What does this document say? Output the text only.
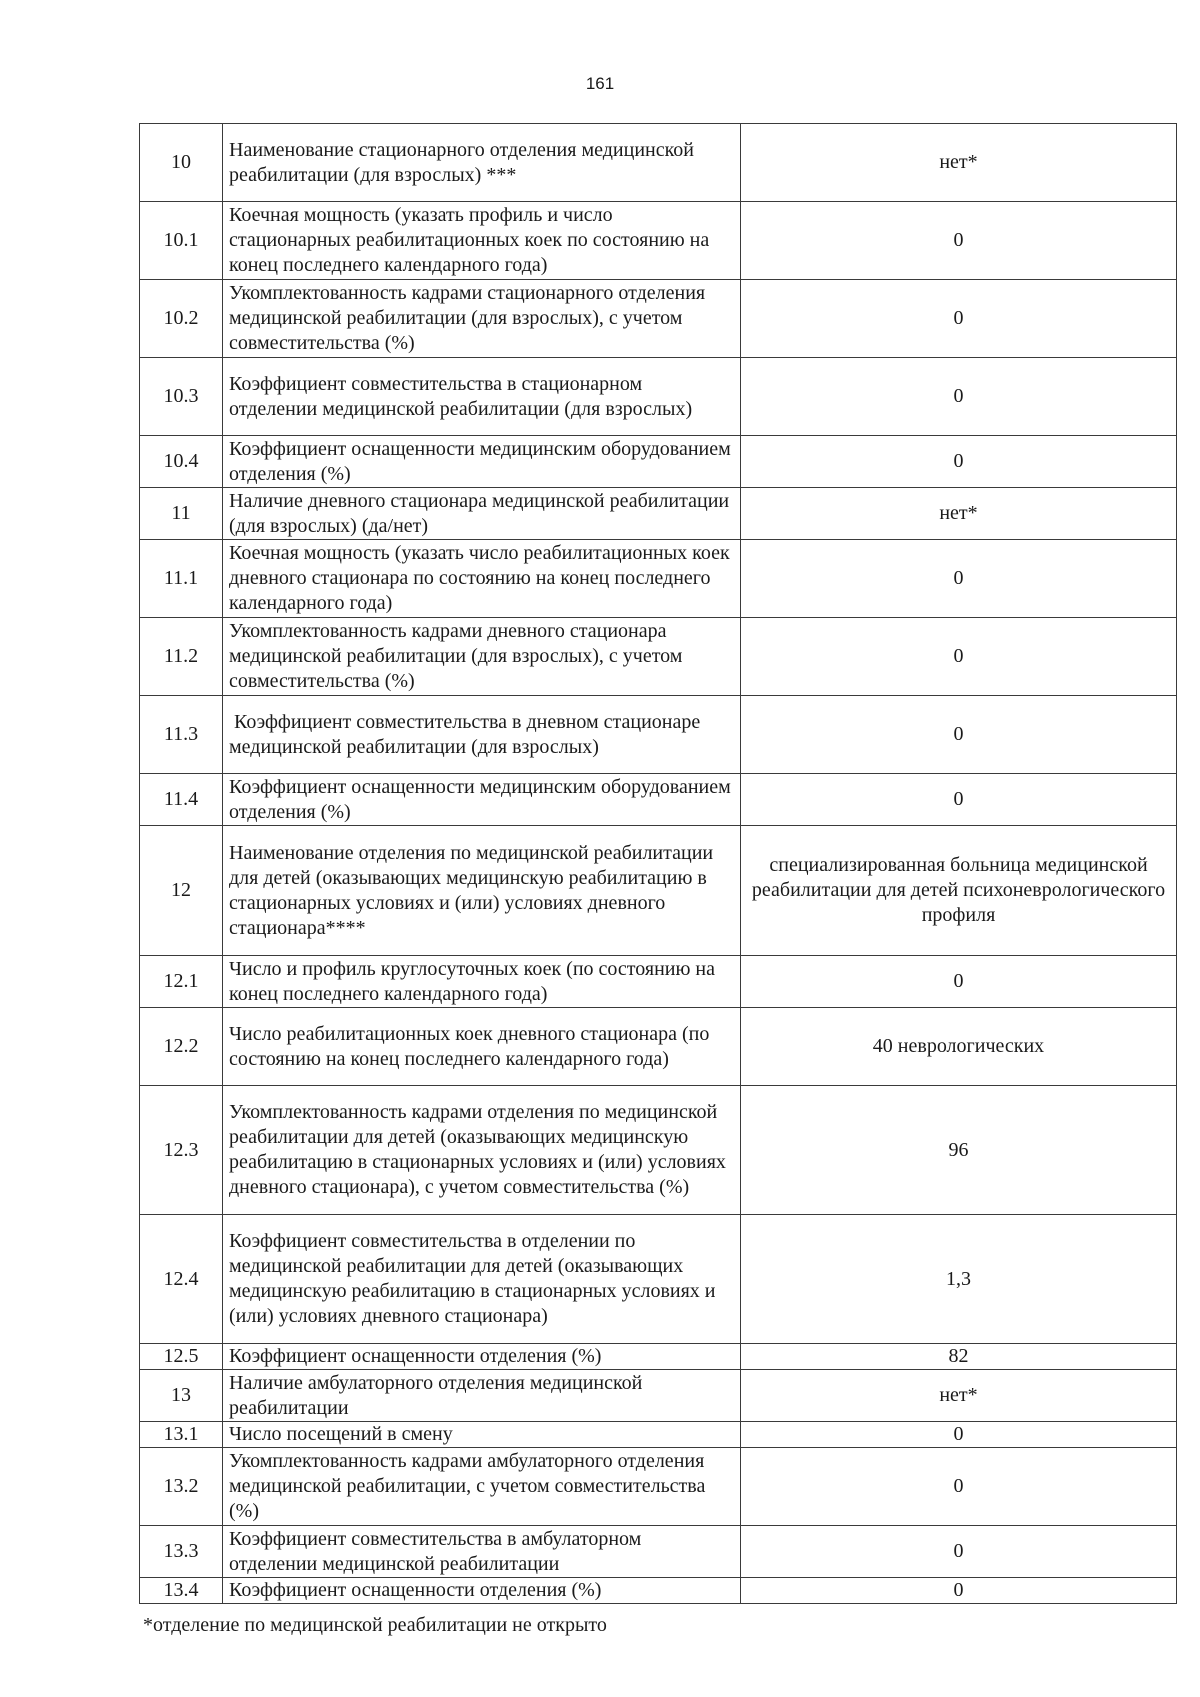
161
10	Наименование стационарного отделения медицинской реабилитации (для взрослых) ***	нет*
10.1	Коечная мощность (указать профиль и число стационарных реабилитационных коек по состоянию на конец последнего календарного года)	0
10.2	Укомплектованность кадрами стационарного отделения медицинской реабилитации (для взрослых), с учетом совместительства (%)	0
10.3	Коэффициент совместительства в стационарном отделении медицинской реабилитации (для взрослых)	0
10.4	Коэффициент оснащенности медицинским оборудованием отделения (%)	0
11	Наличие дневного стационара медицинской реабилитации (для взрослых) (да/нет)	нет*
11.1	Коечная мощность (указать число реабилитационных коек дневного стационара по состоянию на конец последнего календарного года)	0
11.2	Укомплектованность кадрами дневного стационара медицинской реабилитации (для взрослых), с учетом совместительства (%)	0
11.3	Коэффициент совместительства в дневном стационаре медицинской реабилитации (для взрослых)	0
11.4	Коэффициент оснащенности медицинским оборудованием отделения (%)	0
12	Наименование отделения по медицинской реабилитации для детей (оказывающих медицинскую реабилитацию в стационарных условиях и (или) условиях дневного стационара****	специализированная больница медицинской реабилитации для детей психоневрологического профиля
12.1	Число и профиль круглосуточных коек (по состоянию на конец последнего календарного года)	0
12.2	Число реабилитационных коек дневного стационара (по состоянию на конец последнего календарного года)	40 неврологических
12.3	Укомплектованность кадрами отделения по медицинской реабилитации для детей (оказывающих медицинскую реабилитацию в стационарных условиях и (или) условиях дневного стационара), с учетом совместительства (%)	96
12.4	Коэффициент совместительства в отделении по медицинской реабилитации для детей (оказывающих медицинскую реабилитацию в стационарных условиях и (или) условиях дневного стационара)	1,3
12.5	Коэффициент оснащенности отделения (%)	82
13	Наличие амбулаторного отделения медицинской реабилитации	нет*
13.1	Число посещений в смену	0
13.2	Укомплектованность кадрами амбулаторного отделения медицинской реабилитации, с учетом совместительства (%)	0
13.3	Коэффициент совместительства в амбулаторном отделении медицинской реабилитации	0
13.4	Коэффициент оснащенности отделения (%)	0
*отделение по медицинской реабилитации не открыто
